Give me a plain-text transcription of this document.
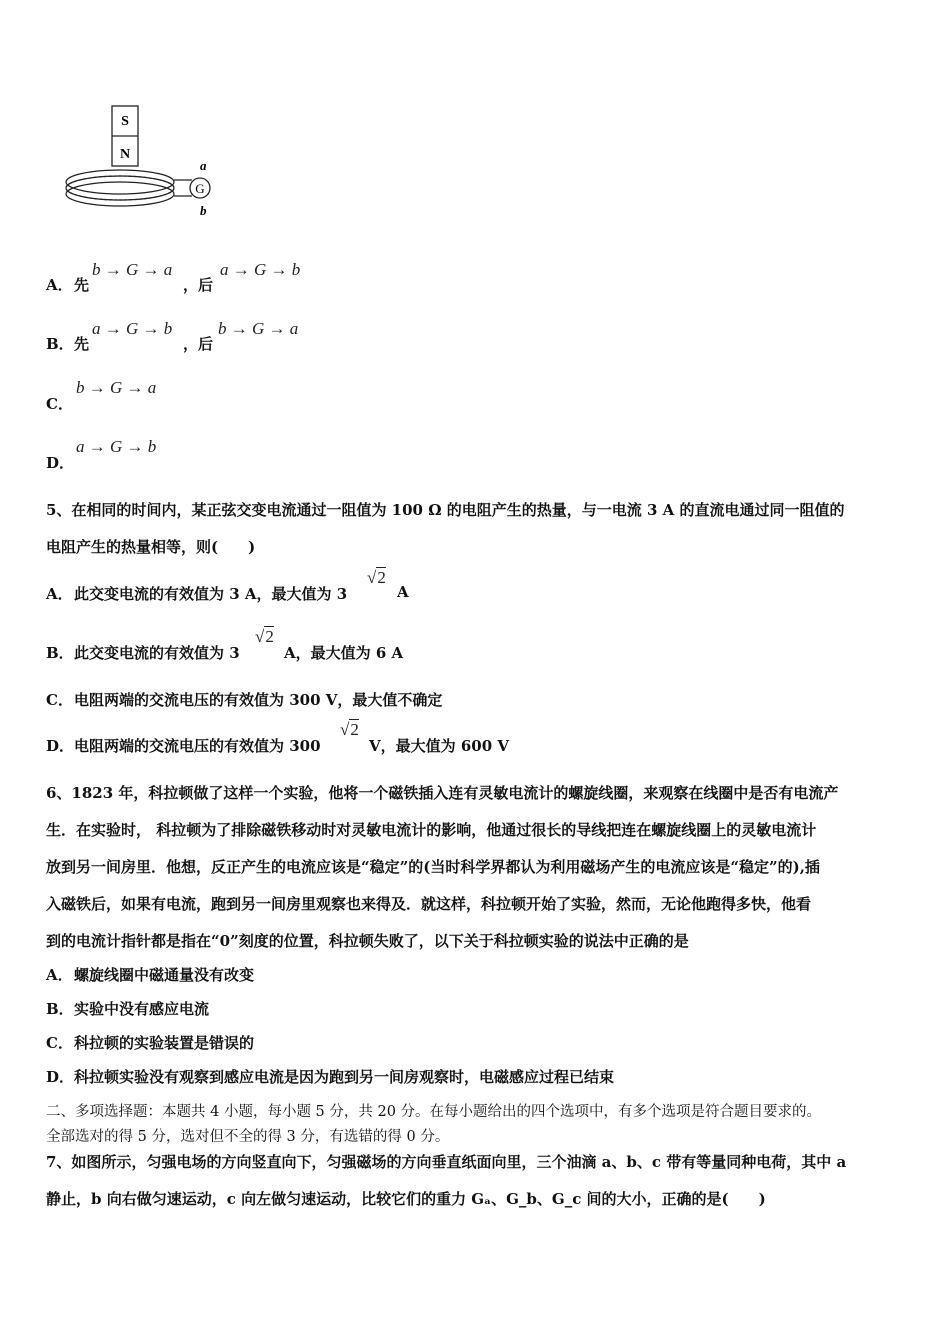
S
N
G
a
b
A． 先
b → G → a
，后
a → G → b
B． 先
a → G → b
，后
b → G → a
C．
b → G → a
D．
a → G → b
5、在相同的时间内，某正弦交变电流通过一阻值为 100 Ω 的电阻产生的热量，与一电流 3 A 的直流电通过同一阻值的
电阻产生的热量相等，则(　　)
A． 此交变电流的有效值为 3 A，最大值为 3
√2
A
B． 此交变电流的有效值为 3
√2
A，最大值为 6 A
C． 电阻两端的交流电压的有效值为 300 V，最大值不确定
D． 电阻两端的交流电压的有效值为 300
√2
V，最大值为 600 V
6、1823 年，科拉顿做了这样一个实验，他将一个磁铁插入连有灵敏电流计的螺旋线圈，来观察在线圈中是否有电流产
生．在实验时， 科拉顿为了排除磁铁移动时对灵敏电流计的影响，他通过很长的导线把连在螺旋线圈上的灵敏电流计
放到另一间房里．他想，反正产生的电流应该是“稳定”的(当时科学界都认为利用磁场产生的电流应该是“稳定”的),插
入磁铁后，如果有电流，跑到另一间房里观察也来得及．就这样，科拉顿开始了实验，然而，无论他跑得多快，他看
到的电流计指针都是指在“0”刻度的位置，科拉顿失败了，以下关于科拉顿实验的说法中正确的是
A． 螺旋线圈中磁通量没有改变
B． 实验中没有感应电流
C． 科拉顿的实验装置是错误的
D． 科拉顿实验没有观察到感应电流是因为跑到另一间房观察时，电磁感应过程已结束
二、多项选择题：本题共 4 小题，每小题 5 分，共 20 分。在每小题给出的四个选项中，有多个选项是符合题目要求的。
全部选对的得 5 分，选对但不全的得 3 分，有选错的得 0 分。
7、如图所示，匀强电场的方向竖直向下，匀强磁场的方向垂直纸面向里，三个油滴 a、b、c 带有等量同种电荷，其中 a
静止，b 向右做匀速运动，c 向左做匀速运动，比较它们的重力 Gₐ、G_b、G_c 间的大小，正确的是(　　)
